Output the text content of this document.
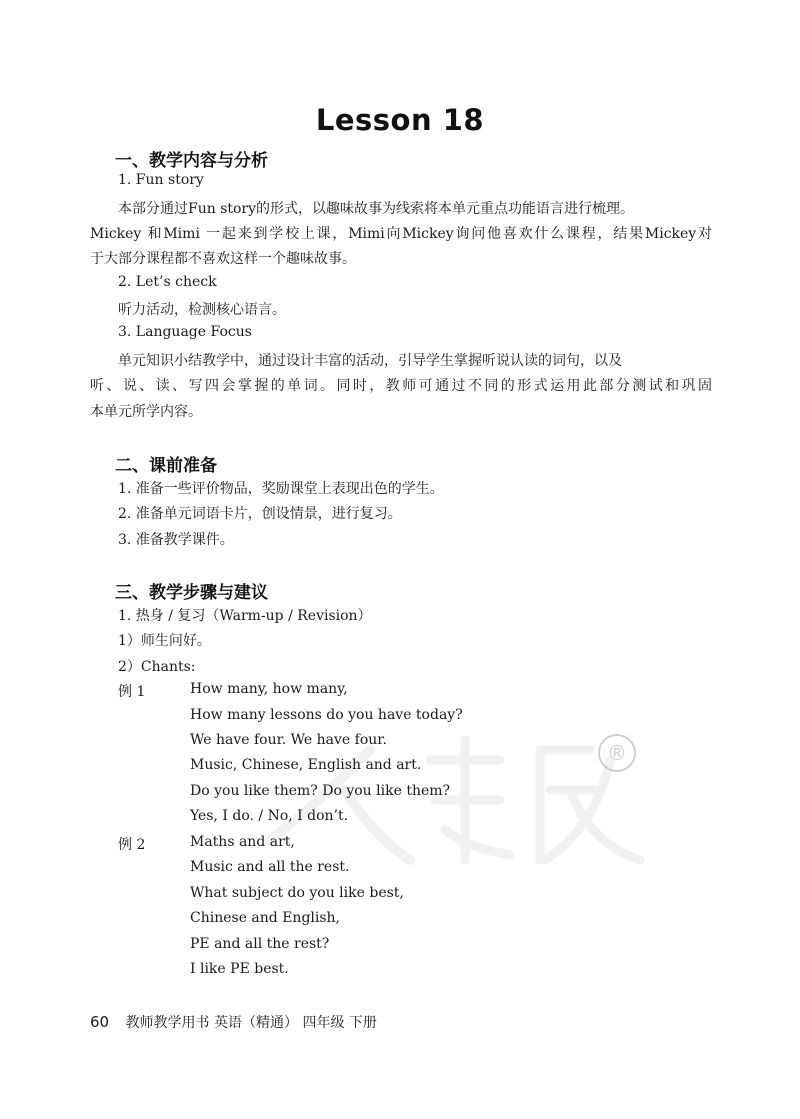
®
Lesson 18
一、教学内容与分析
1. Fun story
本部分通过Fun story的形式，以趣味故事为线索将本单元重点功能语言进行梳理。
Mickey 和Mimi 一起来到学校上课，Mimi向Mickey询问他喜欢什么课程，结果Mickey对
于大部分课程都不喜欢这样一个趣味故事。
2. Let’s check
听力活动，检测核心语言。
3. Language Focus
单元知识小结教学中，通过设计丰富的活动，引导学生掌握听说认读的词句，以及
听、说、读、写四会掌握的单词。同时，教师可通过不同的形式运用此部分测试和巩固
本单元所学内容。
二、课前准备
1. 准备一些评价物品，奖励课堂上表现出色的学生。
2. 准备单元词语卡片，创设情景，进行复习。
3. 准备教学课件。
三、教学步骤与建议
1. 热身 / 复习（Warm-up / Revision）
1）师生问好。
2）Chants:
例 1	How many, how many,
How many lessons do you have today?
We have four. We have four.
Music, Chinese, English and art.
Do you like them? Do you like them?
Yes, I do. / No, I don’t.
例 2	Maths and art,
Music and all the rest.
What subject do you like best,
Chinese and English,
PE and all the rest?
I like PE best.
60 教师教学用书 英语（精通） 四年级 下册
